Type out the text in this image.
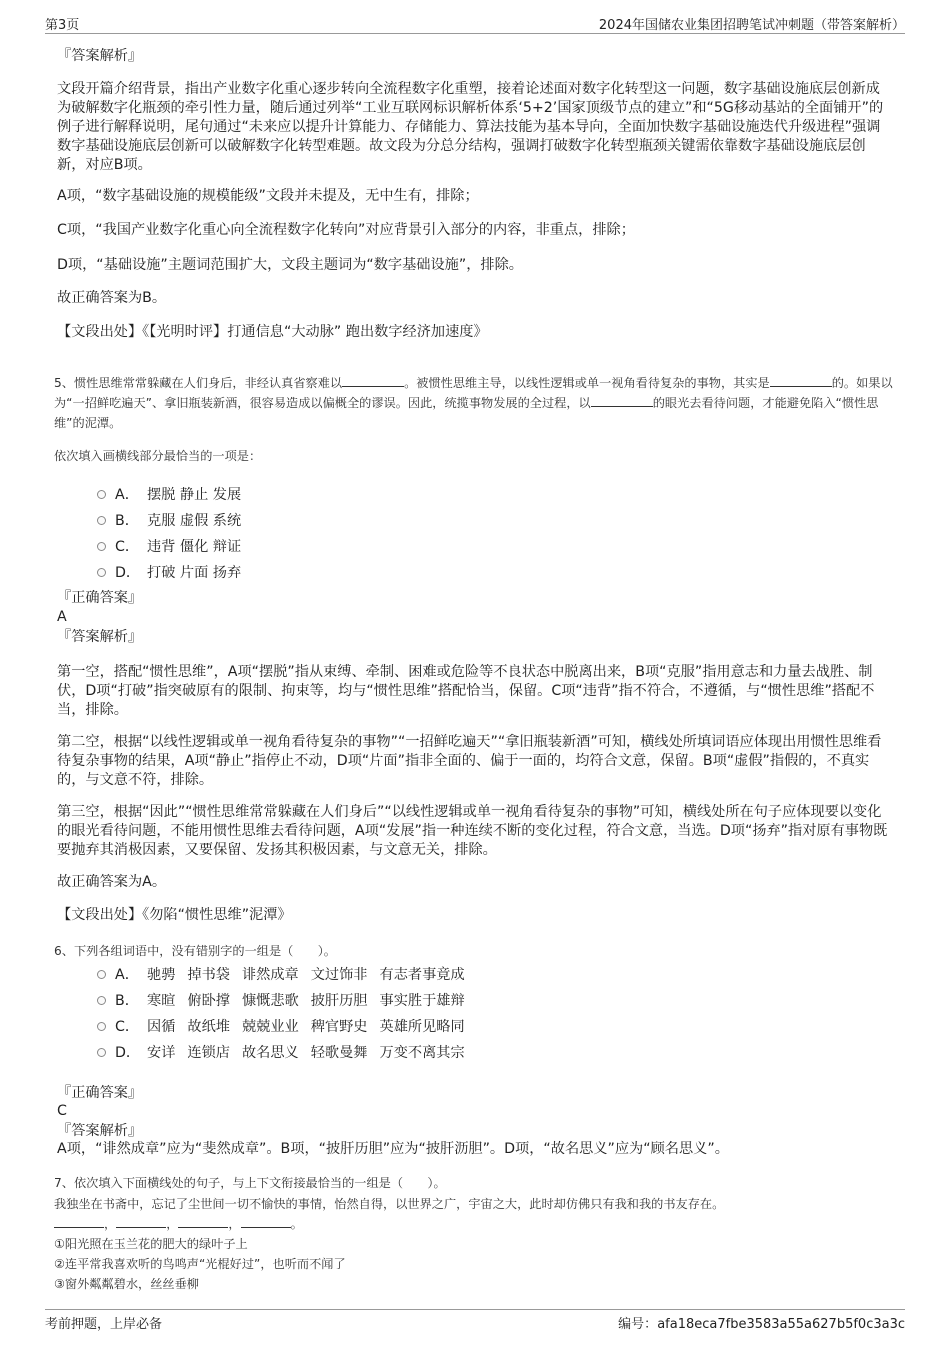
第3页	2024年国储农业集团招聘笔试冲刺题（带答案解析）
『答案解析』

文段开篇介绍背景，指出产业数字化重心逐步转向全流程数字化重塑，接着论述面对数字化转型这一问题，数字基础设施底层创新成为破解数字化瓶颈的牵引性力量，随后通过列举“工业互联网标识解析体系‘5+2’国家顶级节点的建立”和“5G移动基站的全面铺开”的例子进行解释说明，尾句通过“未来应以提升计算能力、存储能力、算法技能为基本导向，全面加快数字基础设施迭代升级进程”强调数字基础设施底层创新可以破解数字化转型难题。故文段为分总分结构，强调打破数字化转型瓶颈关键需依靠数字基础设施底层创新，对应B项。

A项，“数字基础设施的规模能级”文段并未提及，无中生有，排除；

C项，“我国产业数字化重心向全流程数字化转向”对应背景引入部分的内容，非重点，排除；

D项，“基础设施”主题词范围扩大，文段主题词为“数字基础设施”，排除。

故正确答案为B。

【文段出处】《【光明时评】打通信息“大动脉” 跑出数字经济加速度》

5、惯性思维常常躲藏在人们身后，非经认真省察难以	。被惯性思维主导，以线性逻辑或单一视角看待复杂的事物，其实是	的。如果以为“一招鲜吃遍天”、拿旧瓶装新酒，很容易造成以偏概全的谬误。因此，统揽事物发展的全过程，以	的眼光去看待问题，才能避免陷入“惯性思维”的泥潭。
依次填入画横线部分最恰当的一项是：
A． 摆脱 静止 发展
B． 克服 虚假 系统
C． 违背 僵化 辩证
D． 打破 片面 扬弃
『正确答案』
A
『答案解析』

第一空，搭配“惯性思维”，A项“摆脱”指从束缚、牵制、困难或危险等不良状态中脱离出来，B项“克服”指用意志和力量去战胜、制伏，D项“打破”指突破原有的限制、拘束等，均与“惯性思维”搭配恰当，保留。C项“违背”指不符合，不遵循，与“惯性思维”搭配不当，排除。

第二空，根据“以线性逻辑或单一视角看待复杂的事物”“一招鲜吃遍天”“拿旧瓶装新酒”可知，横线处所填词语应体现出用惯性思维看待复杂事物的结果，A项“静止”指停止不动，D项“片面”指非全面的、偏于一面的，均符合文意，保留。B项“虚假”指假的，不真实的，与文意不符，排除。

第三空，根据“因此”“惯性思维常常躲藏在人们身后”“以线性逻辑或单一视角看待复杂的事物”可知，横线处所在句子应体现要以变化的眼光看待问题，不能用惯性思维去看待问题，A项“发展”指一种连续不断的变化过程，符合文意，当选。D项“扬弃”指对原有事物既要抛弃其消极因素，又要保留、发扬其积极因素，与文意无关，排除。

故正确答案为A。

【文段出处】《勿陷“惯性思维”泥潭》

6、下列各组词语中，没有错别字的一组是（　　）。
A． 驰骋 掉书袋 诽然成章 文过饰非 有志者事竟成
B． 寒暄 俯卧撑 慷慨悲歌 披肝历胆 事实胜于雄辩
C． 因循 故纸堆 兢兢业业 稗官野史 英雄所见略同
D． 安详 连锁店 故名思义 轻歌曼舞 万变不离其宗
『正确答案』
C
『答案解析』

A项，“诽然成章”应为“斐然成章”。B项，“披肝历胆”应为“披肝沥胆”。D项，“故名思义”应为“顾名思义”。

7、依次填入下面横线处的句子，与上下文衔接最恰当的一组是（　　）。
我独坐在书斋中，忘记了尘世间一切不愉快的事情，怡然自得，以世界之广，宇宙之大，此时却仿佛只有我和我的书友存在。
，	，	，	。
①阳光照在玉兰花的肥大的绿叶子上
②连平常我喜欢听的鸟鸣声“光棍好过”，也听而不闻了
③窗外粼粼碧水，丝丝垂柳
考前押题，上岸必备	编号：afa18eca7fbe3583a55a627b5f0c3a3c
